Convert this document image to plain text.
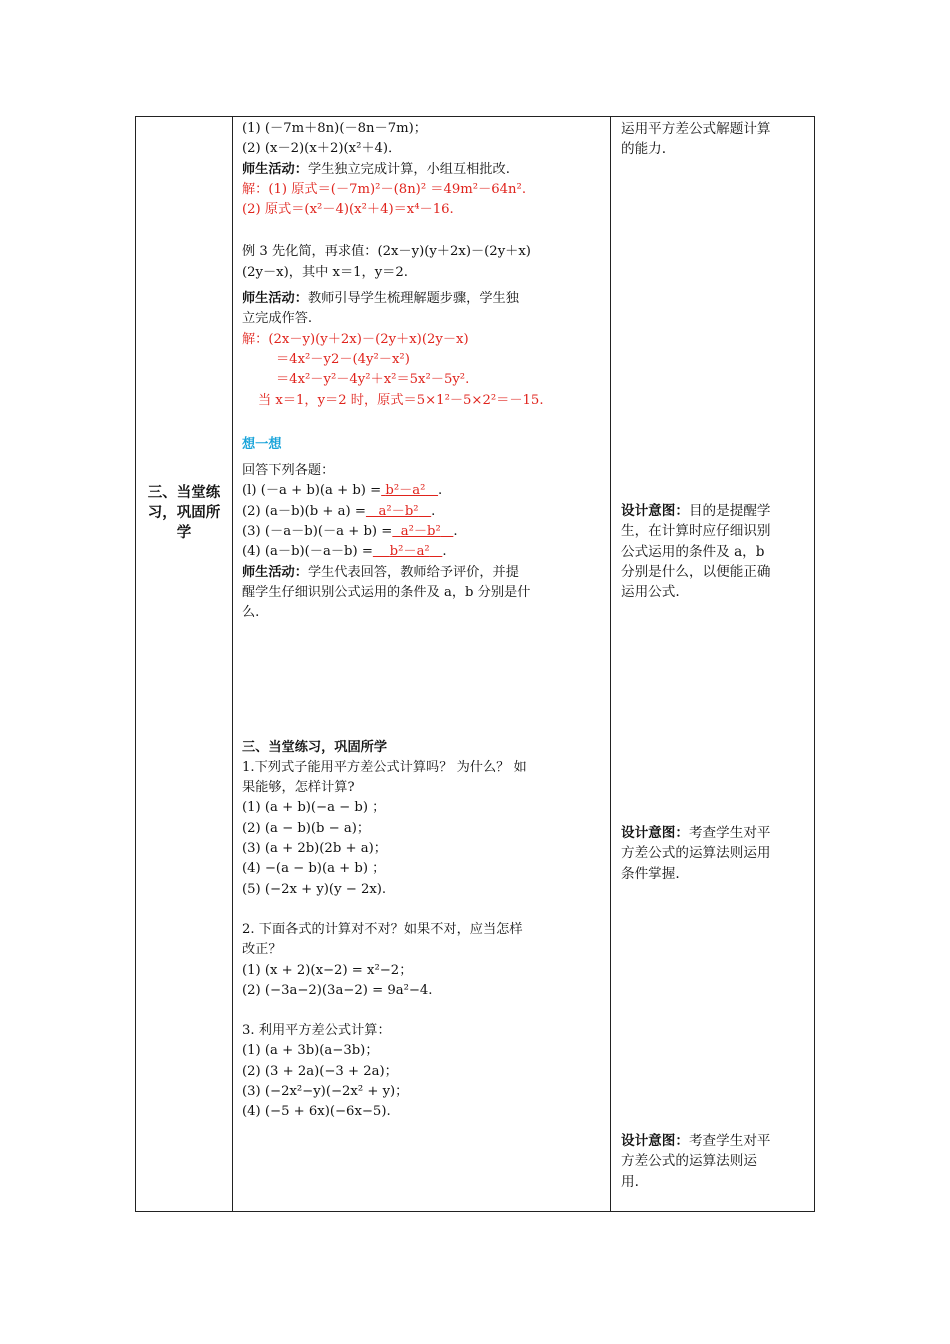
三、当堂练习，巩固所学
(1) (－7m＋8n)(－8n－7m)；
(2) (x－2)(x＋2)(x²＋4)．
师生活动：学生独立完成计算，小组互相批改.
解：(1) 原式＝(－7m)²－(8n)² ＝49m²－64n².
(2) 原式＝(x²－4)(x²＋4)＝x⁴－16.
例 3 先化简，再求值：(2x－y)(y＋2x)－(2y＋x)
(2y－x)，其中 x＝1，y＝2.
师生活动：教师引导学生梳理解题步骤，学生独
立完成作答.
解：(2x－y)(y＋2x)－(2y＋x)(2y－x)
＝4x²－y2－(4y²－x²)
＝4x²－y²－4y²＋x²＝5x²－5y².
当 x＝1，y＝2 时，原式＝5×1²－5×2²＝－15.
想一想
回答下列各题：
(l) (－a + b)(a + b) = b²－a² .
(2) (a－b)(b + a) = a²－b² .
(3) (－a－b)(－a + b) = a²－b² .
(4) (a－b)(－a－b) = b²－a² .
师生活动：学生代表回答，教师给予评价，并提
醒学生仔细识别公式运用的条件及 a，b 分别是什
么.
三、当堂练习，巩固所学
1.下列式子能用平方差公式计算吗？ 为什么？ 如
果能够，怎样计算?
(1) (a + b)(−a − b) ；
(2) (a − b)(b − a)；
(3) (a + 2b)(2b + a)；
(4) −(a − b)(a + b) ；
(5) (−2x + y)(y − 2x).
2. 下面各式的计算对不对？如果不对，应当怎样
改正？
(1) (x + 2)(x−2) = x²−2；
(2) (−3a−2)(3a−2) = 9a²−4.
3. 利用平方差公式计算：
(1) (a + 3b)(a−3b)；
(2) (3 + 2a)(−3 + 2a)；
(3) (−2x²−y)(−2x² + y)；
(4) (−5 + 6x)(−6x−5).
运用平方差公式解题计算
的能力.
设计意图：目的是提醒学
生，在计算时应仔细识别
公式运用的条件及 a，b
分别是什么，以便能正确
运用公式.
设计意图：考查学生对平
方差公式的运算法则运用
条件掌握.
设计意图：考查学生对平
方差公式的运算法则运
用.
